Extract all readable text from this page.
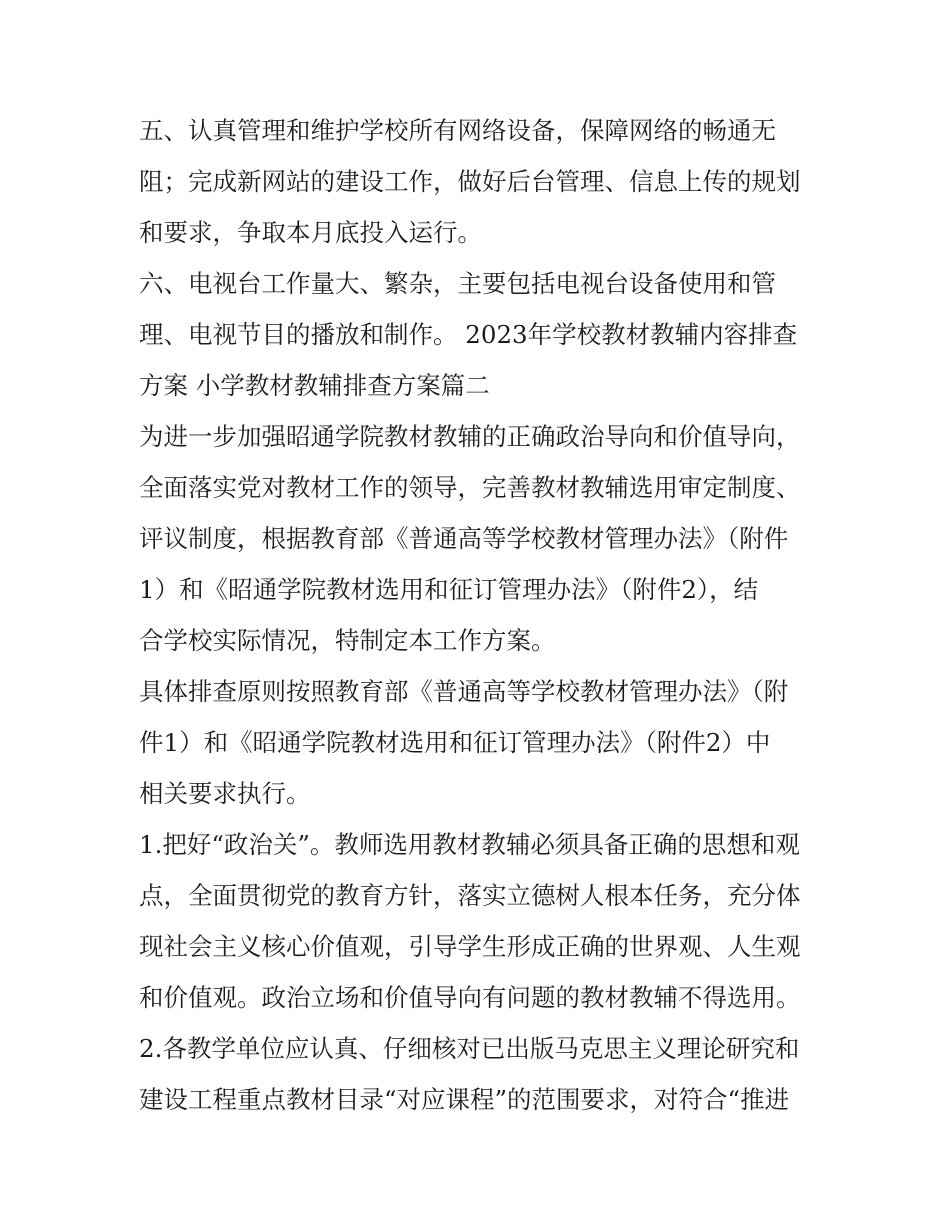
五、认真管理和维护学校所有网络设备，保障网络的畅通无
阻；完成新网站的建设工作，做好后台管理、信息上传的规划
和要求，争取本月底投入运行。
六、电视台工作量大、繁杂，主要包括电视台设备使用和管
理、电视节目的播放和制作。 2023年学校教材教辅内容排查
方案 小学教材教辅排查方案篇二
为进一步加强昭通学院教材教辅的正确政治导向和价值导向，
全面落实党对教材工作的领导，完善教材教辅选用审定制度、
评议制度，根据教育部《普通高等学校教材管理办法》（附件
1）和《昭通学院教材选用和征订管理办法》（附件2），结
合学校实际情况，特制定本工作方案。
具体排查原则按照教育部《普通高等学校教材管理办法》（附
件1）和《昭通学院教材选用和征订管理办法》（附件2）中
相关要求执行。
1.把好“政治关”。教师选用教材教辅必须具备正确的思想和观
点，全面贯彻党的教育方针，落实立德树人根本任务，充分体
现社会主义核心价值观，引导学生形成正确的世界观、人生观
和价值观。政治立场和价值导向有问题的教材教辅不得选用。
2.各教学单位应认真、仔细核对已出版马克思主义理论研究和
建设工程重点教材目录“对应课程”的范围要求，对符合“推进
